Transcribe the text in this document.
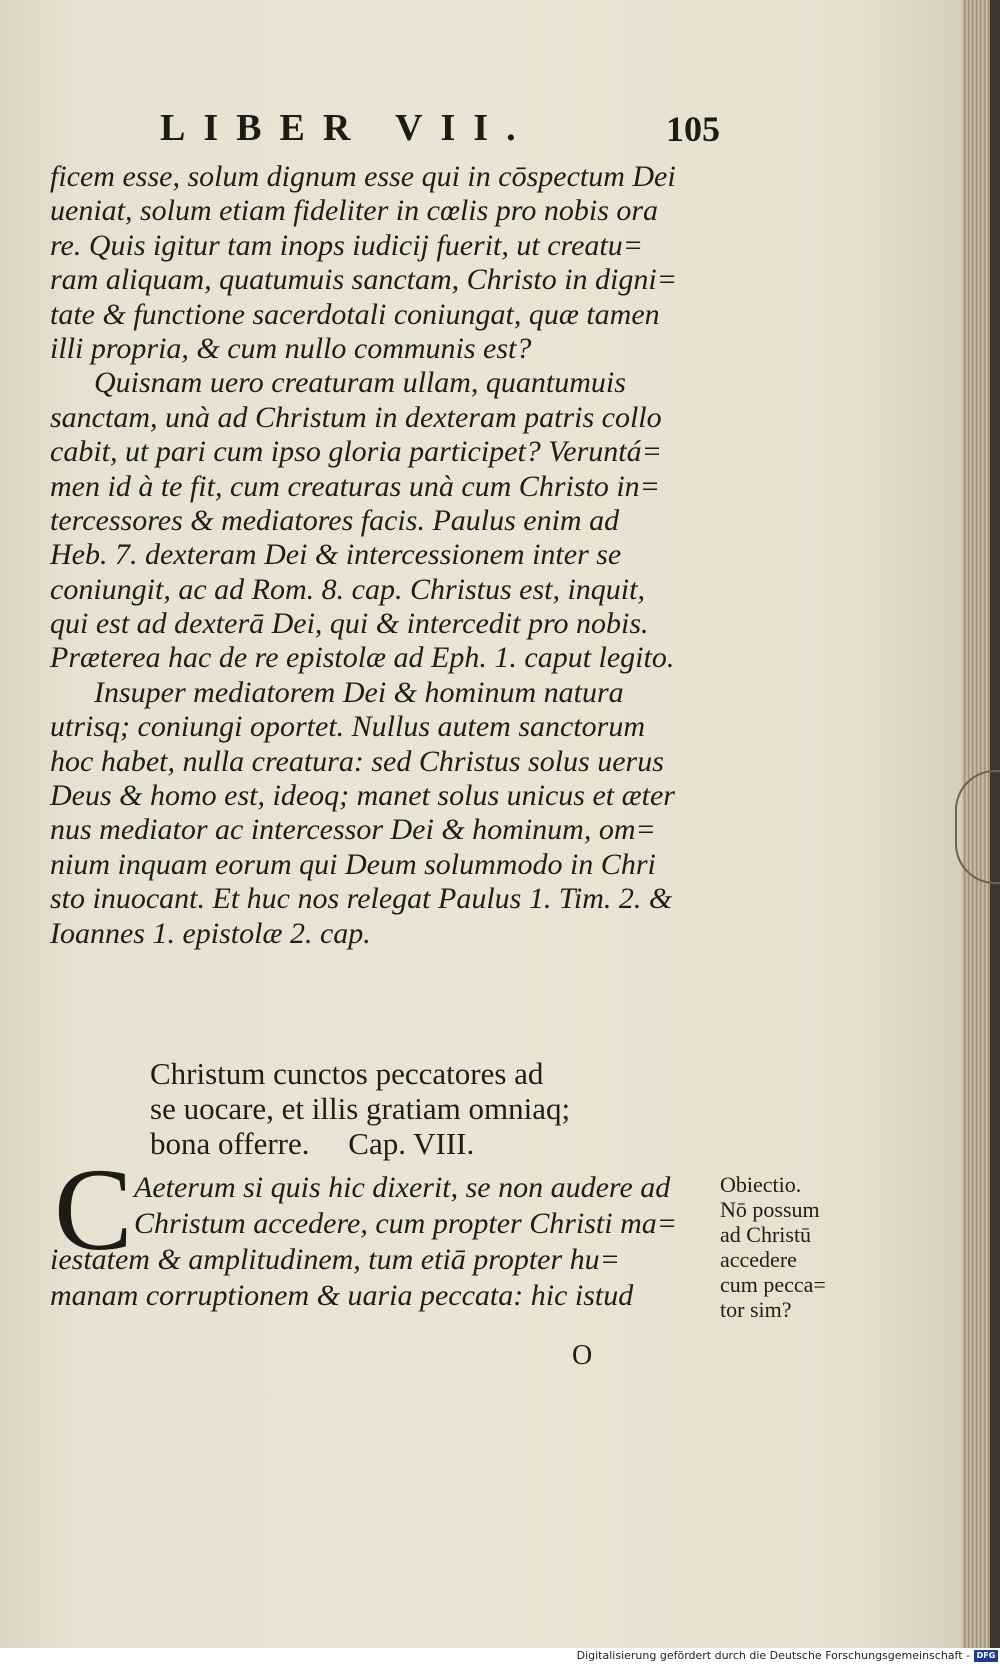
LIBER VII.	105
ficem esse, solum dignum esse qui in cōspectum Dei
ueniat, solum etiam fideliter in cœlis pro nobis ora
re. Quis igitur tam inops iudicij fuerit, ut creatu=
ram aliquam, quatumuis sanctam, Christo in digni=
tate & functione sacerdotali coniungat, quæ tamen
illi propria, & cum nullo communis est?
Quisnam uero creaturam ullam, quantumuis
sanctam, unà ad Christum in dexteram patris collo
cabit, ut pari cum ipso gloria participet? Veruntá=
men id à te fit, cum creaturas unà cum Christo in=
tercessores & mediatores facis. Paulus enim ad
Heb. 7. dexteram Dei & intercessionem inter se
coniungit, ac ad Rom. 8. cap. Christus est, inquit,
qui est ad dexterā Dei, qui & intercedit pro nobis.
Præterea hac de re epistolæ ad Eph. 1. caput legito.
Insuper mediatorem Dei & hominum natura
utrisq; coniungi oportet. Nullus autem sanctorum
hoc habet, nulla creatura: sed Christus solus uerus
Deus & homo est, ideoq; manet solus unicus et æter
nus mediator ac intercessor Dei & hominum, om=
nium inquam eorum qui Deum solummodo in Chri
sto inuocant. Et huc nos relegat Paulus 1. Tim. 2. &
Ioannes 1. epistolæ 2. cap.
Christum cunctos peccatores ad
se uocare, et illis gratiam omniaq;
bona offerre.     Cap. VIII.
C Aeterum si quis hic dixerit, se non audere ad
Christum accedere, cum propter Christi ma=
iestatem & amplitudinem, tum etiā propter hu=
manam corruptionem & uaria peccata: hic istud
Obiectio.
Nō possum
ad Christū
accedere
cum pecca=
tor sim?
O
Digitalisierung gefördert durch die Deutsche Forschungsgemeinschaft - DFG
